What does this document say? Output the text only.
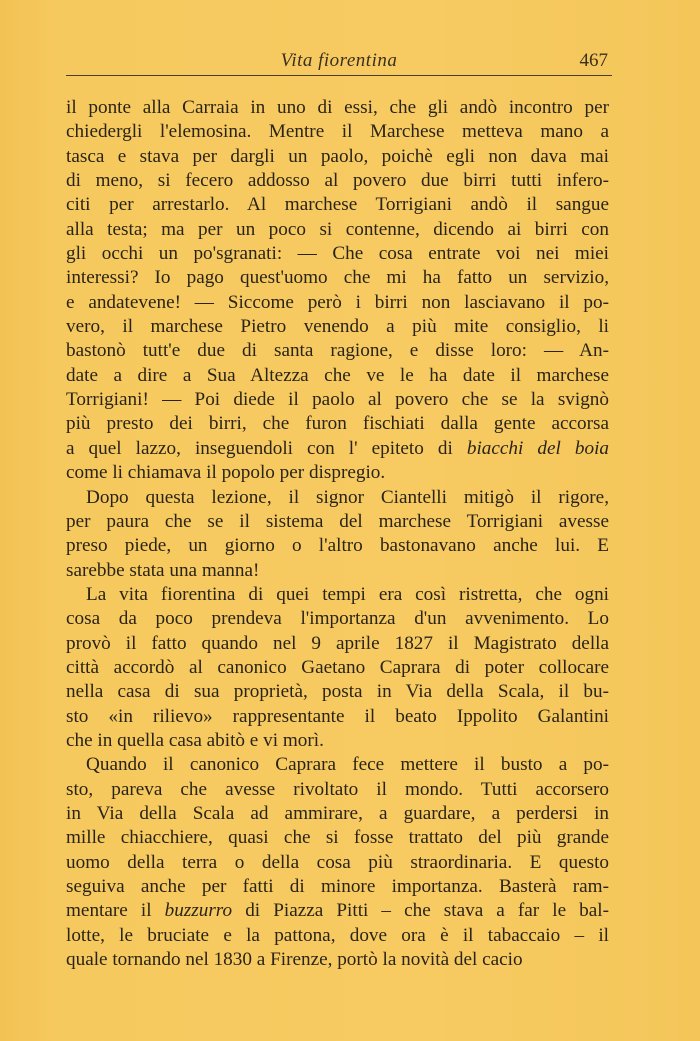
Vita fiorentina	467
il ponte alla Carraia in uno di essi, che gli andò incontro per
chiedergli l'elemosina. Mentre il Marchese metteva mano a
tasca e stava per dargli un paolo, poichè egli non dava mai
di meno, si fecero addosso al povero due birri tutti infero-
citi per arrestarlo. Al marchese Torrigiani andò il sangue
alla testa; ma per un poco si contenne, dicendo ai birri con
gli occhi un po'sgranati: — Che cosa entrate voi nei miei
interessi? Io pago quest'uomo che mi ha fatto un servizio,
e andatevene! — Siccome però i birri non lasciavano il po-
vero, il marchese Pietro venendo a più mite consiglio, li
bastonò tutt'e due di santa ragione, e disse loro: — An-
date a dire a Sua Altezza che ve le ha date il marchese
Torrigiani! — Poi diede il paolo al povero che se la svignò
più presto dei birri, che furon fischiati dalla gente accorsa
a quel lazzo, inseguendoli con l' epiteto di biacchi del boia
come li chiamava il popolo per dispregio.
Dopo questa lezione, il signor Ciantelli mitigò il rigore,
per paura che se il sistema del marchese Torrigiani avesse
preso piede, un giorno o l'altro bastonavano anche lui. E
sarebbe stata una manna!
La vita fiorentina di quei tempi era così ristretta, che ogni
cosa da poco prendeva l'importanza d'un avvenimento. Lo
provò il fatto quando nel 9 aprile 1827 il Magistrato della
città accordò al canonico Gaetano Caprara di poter collocare
nella casa di sua proprietà, posta in Via della Scala, il bu-
sto «in rilievo» rappresentante il beato Ippolito Galantini
che in quella casa abitò e vi morì.
Quando il canonico Caprara fece mettere il busto a po-
sto, pareva che avesse rivoltato il mondo. Tutti accorsero
in Via della Scala ad ammirare, a guardare, a perdersi in
mille chiacchiere, quasi che si fosse trattato del più grande
uomo della terra o della cosa più straordinaria. E questo
seguiva anche per fatti di minore importanza. Basterà ram-
mentare il buzzurro di Piazza Pitti – che stava a far le bal-
lotte, le bruciate e la pattona, dove ora è il tabaccaio – il
quale tornando nel 1830 a Firenze, portò la novità del cacio
